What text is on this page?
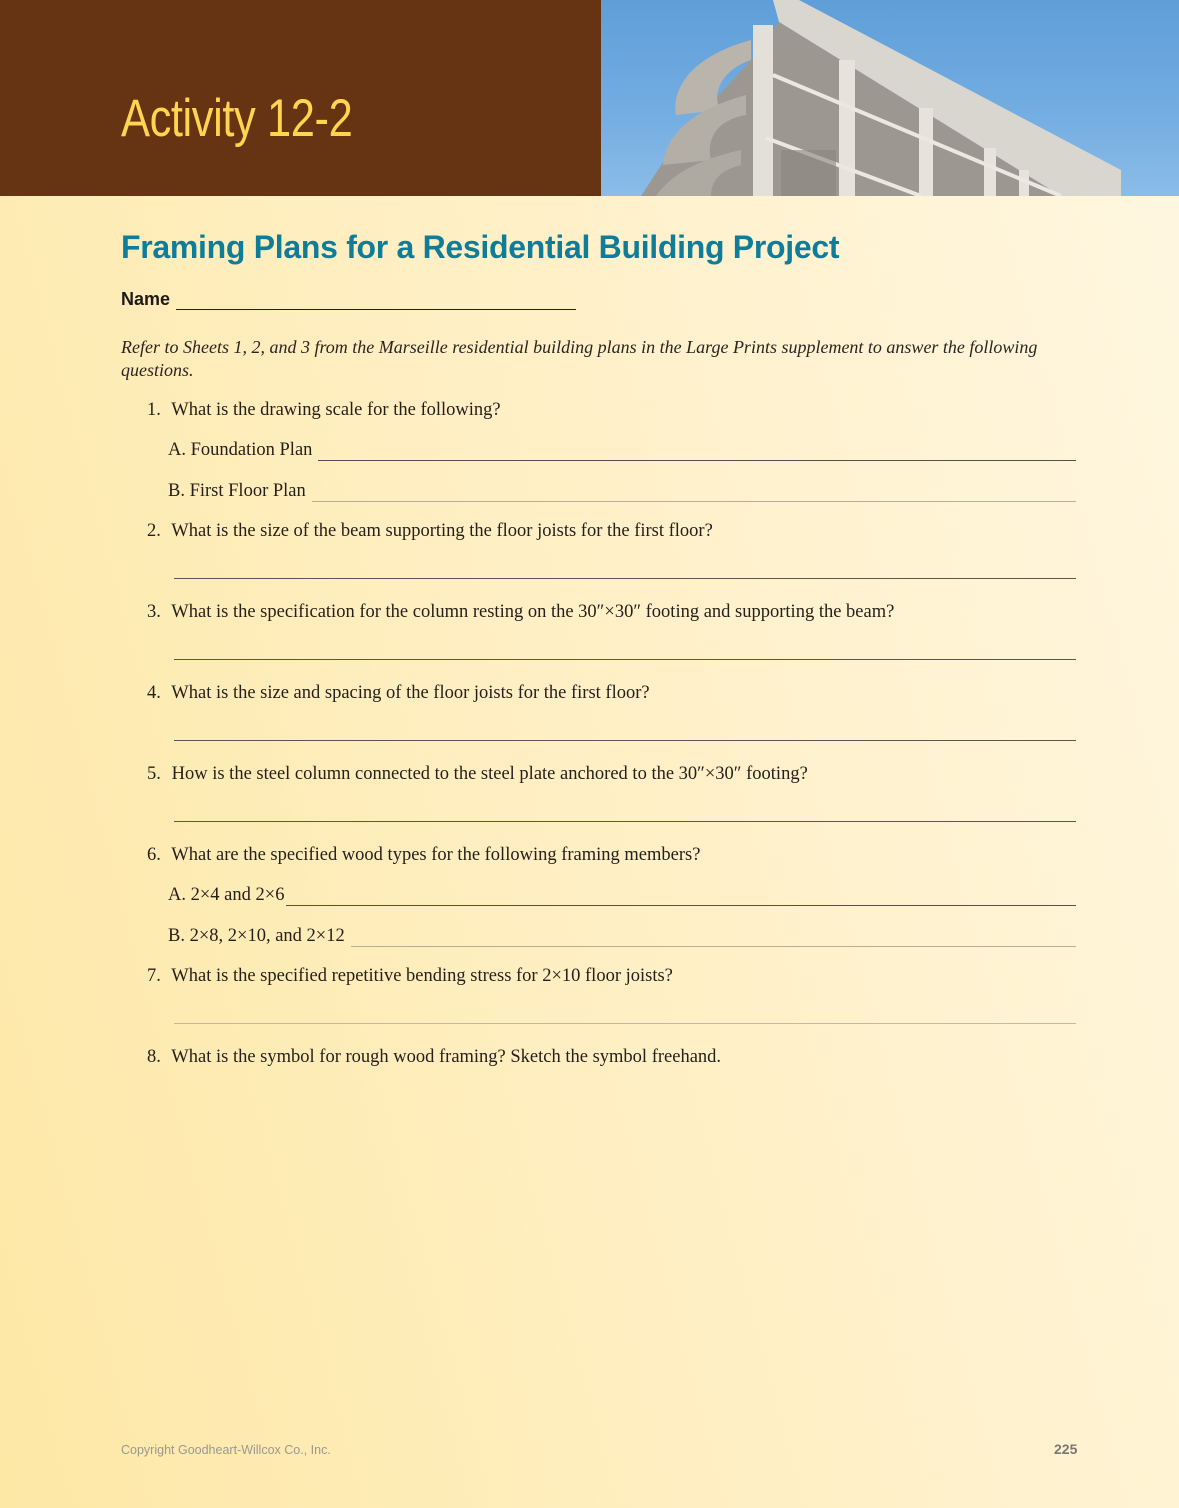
Activity 12-2
Framing Plans for a Residential Building Project
Name
Refer to Sheets 1, 2, and 3 from the Marseille residential building plans in the Large Prints supplement to answer the following questions.
1. What is the drawing scale for the following?
A. Foundation Plan
B. First Floor Plan
2. What is the size of the beam supporting the floor joists for the first floor?
3. What is the specification for the column resting on the 30″×30″ footing and supporting the beam?
4. What is the size and spacing of the floor joists for the first floor?
5. How is the steel column connected to the steel plate anchored to the 30″×30″ footing?
6. What are the specified wood types for the following framing members?
A. 2×4 and 2×6
B. 2×8, 2×10, and 2×12
7. What is the specified repetitive bending stress for 2×10 floor joists?
8. What is the symbol for rough wood framing? Sketch the symbol freehand.
Copyright Goodheart-Willcox Co., Inc.	225
